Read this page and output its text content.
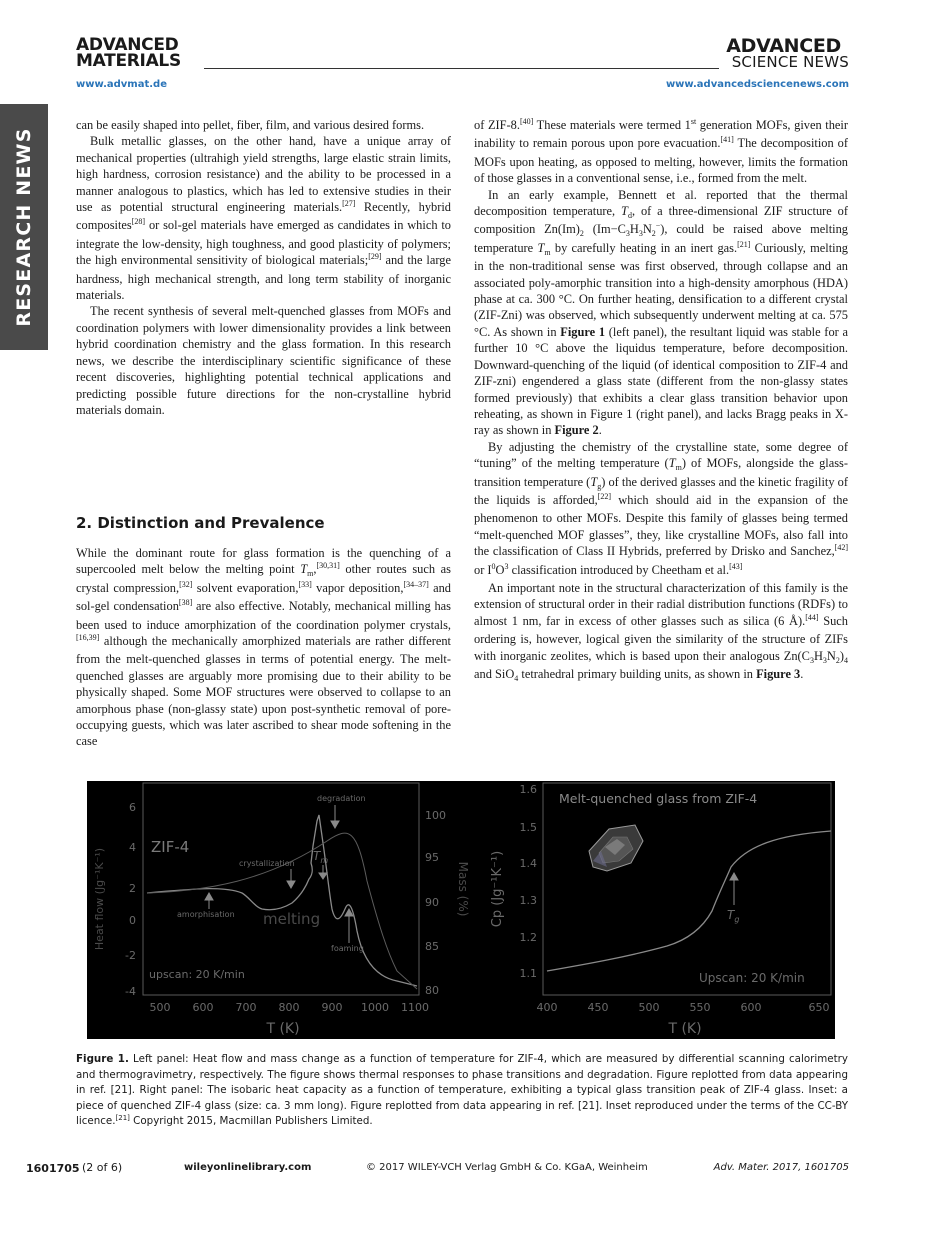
RESEARCH NEWS
ADVANCED
MATERIALS
ADVANCED
SCIENCE NEWS
www.advmat.de	www.advancedsciencenews.com

can be easily shaped into pellet, fiber, film, and various desired forms.

Bulk metallic glasses, on the other hand, have a unique array of mechanical properties (ultrahigh yield strengths, large elastic strain limits, high hardness, corrosion resistance) and the ability to be processed in a manner analogous to plastics, which has led to extensive studies in their use as potential structural engineering materials.[27] Recently, hybrid composites[28] or sol-gel materials have emerged as candidates in which to integrate the low-density, high toughness, and good plasticity of polymers; the high environmental sensitivity of biological materials;[29] and the large hardness, high mechanical strength, and long term stability of inorganic materials.

The recent synthesis of several melt-quenched glasses from MOFs and coordination polymers with lower dimensionality provides a link between hybrid coordination chemistry and the glass formation. In this research news, we describe the interdisciplinary scientific significance of these recent discoveries, highlighting potential technical applications and predicting possible future directions for the non-crystalline hybrid materials domain.

2. Distinction and Prevalence

While the dominant route for glass formation is the quenching of a supercooled melt below the melting point $T_m,[30,31]$ other routes such as crystal compression,[32] solvent evaporation,[33] vapor deposition,[34–37] and sol-gel condensation[38] are also effective. Notably, mechanical milling has been used to induce amorphization of the coordination polymer crystals,[16,39] although the mechanically amorphized materials are rather different from the melt-quenched glasses in terms of potential energy. The melt-quenched glasses are arguably more promising due to their ability to be physically shaped. Some MOF structures were observed to collapse to an amorphous phase (non-glassy state) upon post-synthetic removal of pore-occupying guests, which was later ascribed to shear mode softening in the case

of ZIF-8.[40] These materials were termed 1st generation MOFs, given their inability to remain porous upon pore evacuation.[41] The decomposition of MOFs upon heating, as opposed to melting, however, limits the formation of those glasses in a conventional sense, i.e., formed from the melt.

In an early example, Bennett et al. reported that the thermal decomposition temperature, $T_d$, of a three-dimensional ZIF structure of composition $Zn(Im)_2$ $(Im-C_3H_3N_2^-)$, could be raised above melting temperature $T_m$ by carefully heating in an inert gas.[21] Curiously, melting in the non-traditional sense was first observed, through collapse and an associated poly-amorphic transition into a high-density amorphous (HDA) phase at ca. 300 °C. On further heating, densification to a different crystal (ZIF-Zni) was observed, which subsequently underwent melting at ca. 575 °C. As shown in Figure 1 (left panel), the resultant liquid was stable for a further 10 °C above the liquidus temperature, before decomposition. Downward-quenching of the liquid (of identical composition to ZIF-4 and ZIF-zni) engendered a glass state (different from the non-glassy states formed previously) that exhibits a clear glass transition behavior upon reheating, as shown in Figure 1 (right panel), and lacks Bragg peaks in X-ray as shown in Figure 2.

By adjusting the chemistry of the crystalline state, some degree of “tuning” of the melting temperature $(T_m)$ of MOFs, alongside the glass-transition temperature $(T_g)$ of the derived glasses and the kinetic fragility of the liquids is afforded,[22] which should aid in the expansion of the phenomenon to other MOFs. Despite this family of glasses being termed “melt-quenched MOF glasses”, they, like crystalline MOFs, also fall into the classification of Class II Hybrids, preferred by Drisko and Sanchez,[42] or $I^0O^3$ classification introduced by Cheetham et al.[43]

An important note in the structural characterization of this family is the extension of structural order in their radial distribution functions (RDFs) to almost 1 nm, far in excess of other glasses such as silica (6 Å).[44] Such ordering is, however, logical given the similarity of the structure of ZIFs with inorganic zeolites, which is based upon their analogous $Zn(C_3H_3N_2)_4$ and SiO$_4$ tetrahedral primary building units, as shown in Figure 3.

6
4
2
0
-2
-4
100
95
90
85
80
500 600 700 800 900 1000 1100
T (K)
Heat flow (Jg⁻¹K⁻¹)	Mass (%)
degradation
crystallization
amorphisation
foaming
$T_m$
melting
ZIF-4
upscan: 20 K/min
1.6
1.5
1.4
1.3
1.2
1.1
400	450	500	550	600	650
T (K)
Cp (Jg⁻¹K⁻¹)
Melt-quenched glass from ZIF-4
Upscan: 20 K/min
$T_g$
Figure 1. Left panel: Heat flow and mass change as a function of temperature for ZIF-4, which are measured by differential scanning calorimetry and thermogravimetry, respectively. The figure shows thermal responses to phase transitions and degradation. Figure replotted from data appearing in ref. [21]. Right panel: The isobaric heat capacity as a function of temperature, exhibiting a typical glass transition peak of ZIF-4 glass. Inset: a piece of quenched ZIF-4 glass (size: ca. 3 mm long). Figure replotted from data appearing in ref. [21]. Inset reproduced under the terms of the CC-BY licence.[21] Copyright 2015, Macmillan Publishers Limited.
1601705 (2 of 6)	wileyonlinelibrary.com	© 2017 WILEY-VCH Verlag GmbH & Co. KGaA, Weinheim	Adv. Mater. 2017, 1601705
